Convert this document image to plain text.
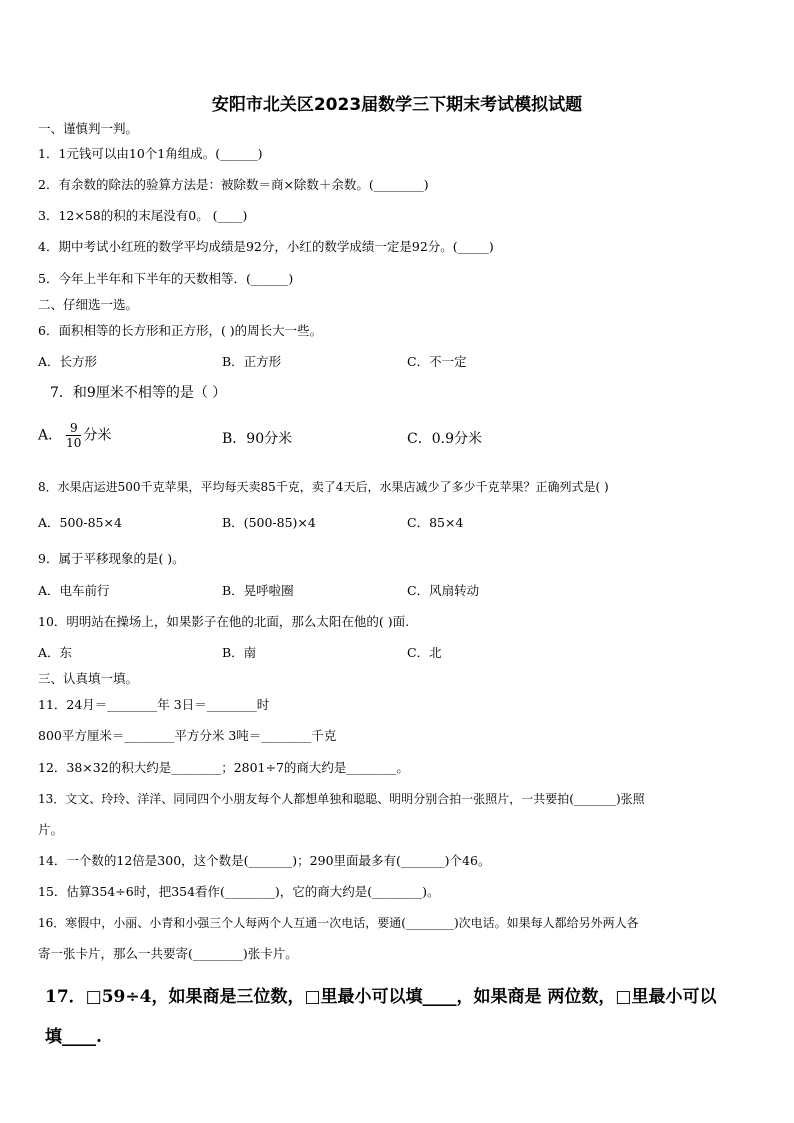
安阳市北关区2023届数学三下期末考试模拟试题
一、谨慎判一判。
1．1元钱可以由10个1角组成。(______)
2．有余数的除法的验算方法是：被除数＝商×除数＋余数。(________)
3．12×58的积的末尾没有0。 (____)
4．期中考试小红班的数学平均成绩是92分，小红的数学成绩一定是92分。(_____)
5．今年上半年和下半年的天数相等．(______)
二、仔细选一选。
6．面积相等的长方形和正方形，( )的周长大一些。
A．长方形	B．正方形	C．不一定
7．和9厘米不相等的是（ ）
A． $\frac{9}{10}$ 分米	B．90分米	C．0.9分米
8．水果店运进500千克苹果，平均每天卖85千克，卖了4天后，水果店减少了多少千克苹果？正确列式是( )
A．500-85×4	B．(500-85)×4	C．85×4
9．属于平移现象的是( )。
A．电车前行	B．晃呼啦圈	C．风扇转动
10．明明站在操场上，如果影子在他的北面，那么太阳在他的( )面.
A．东	B．南	C．北
三、认真填一填。
11．24月＝________年 3日＝________时
800平方厘米＝________平方分米 3吨＝________千克
12．38×32的积大约是________；2801÷7的商大约是________。
13．文文、玲玲、洋洋、同同四个小朋友每个人都想单独和聪聪、明明分别合拍一张照片，一共要拍(_______)张照
片。
14．一个数的12倍是300，这个数是(_______)；290里面最多有(_______)个46。
15．估算354÷6时，把354看作(________)，它的商大约是(________)。
16．寒假中，小丽、小青和小强三个人每两个人互通一次电话，要通(________)次电话。如果每人都给另外两人各
寄一张卡片，那么一共要寄(________)张卡片。
17．□59÷4，如果商是三位数，□里最小可以填____，如果商是 两位数，□里最小可以
填____.
